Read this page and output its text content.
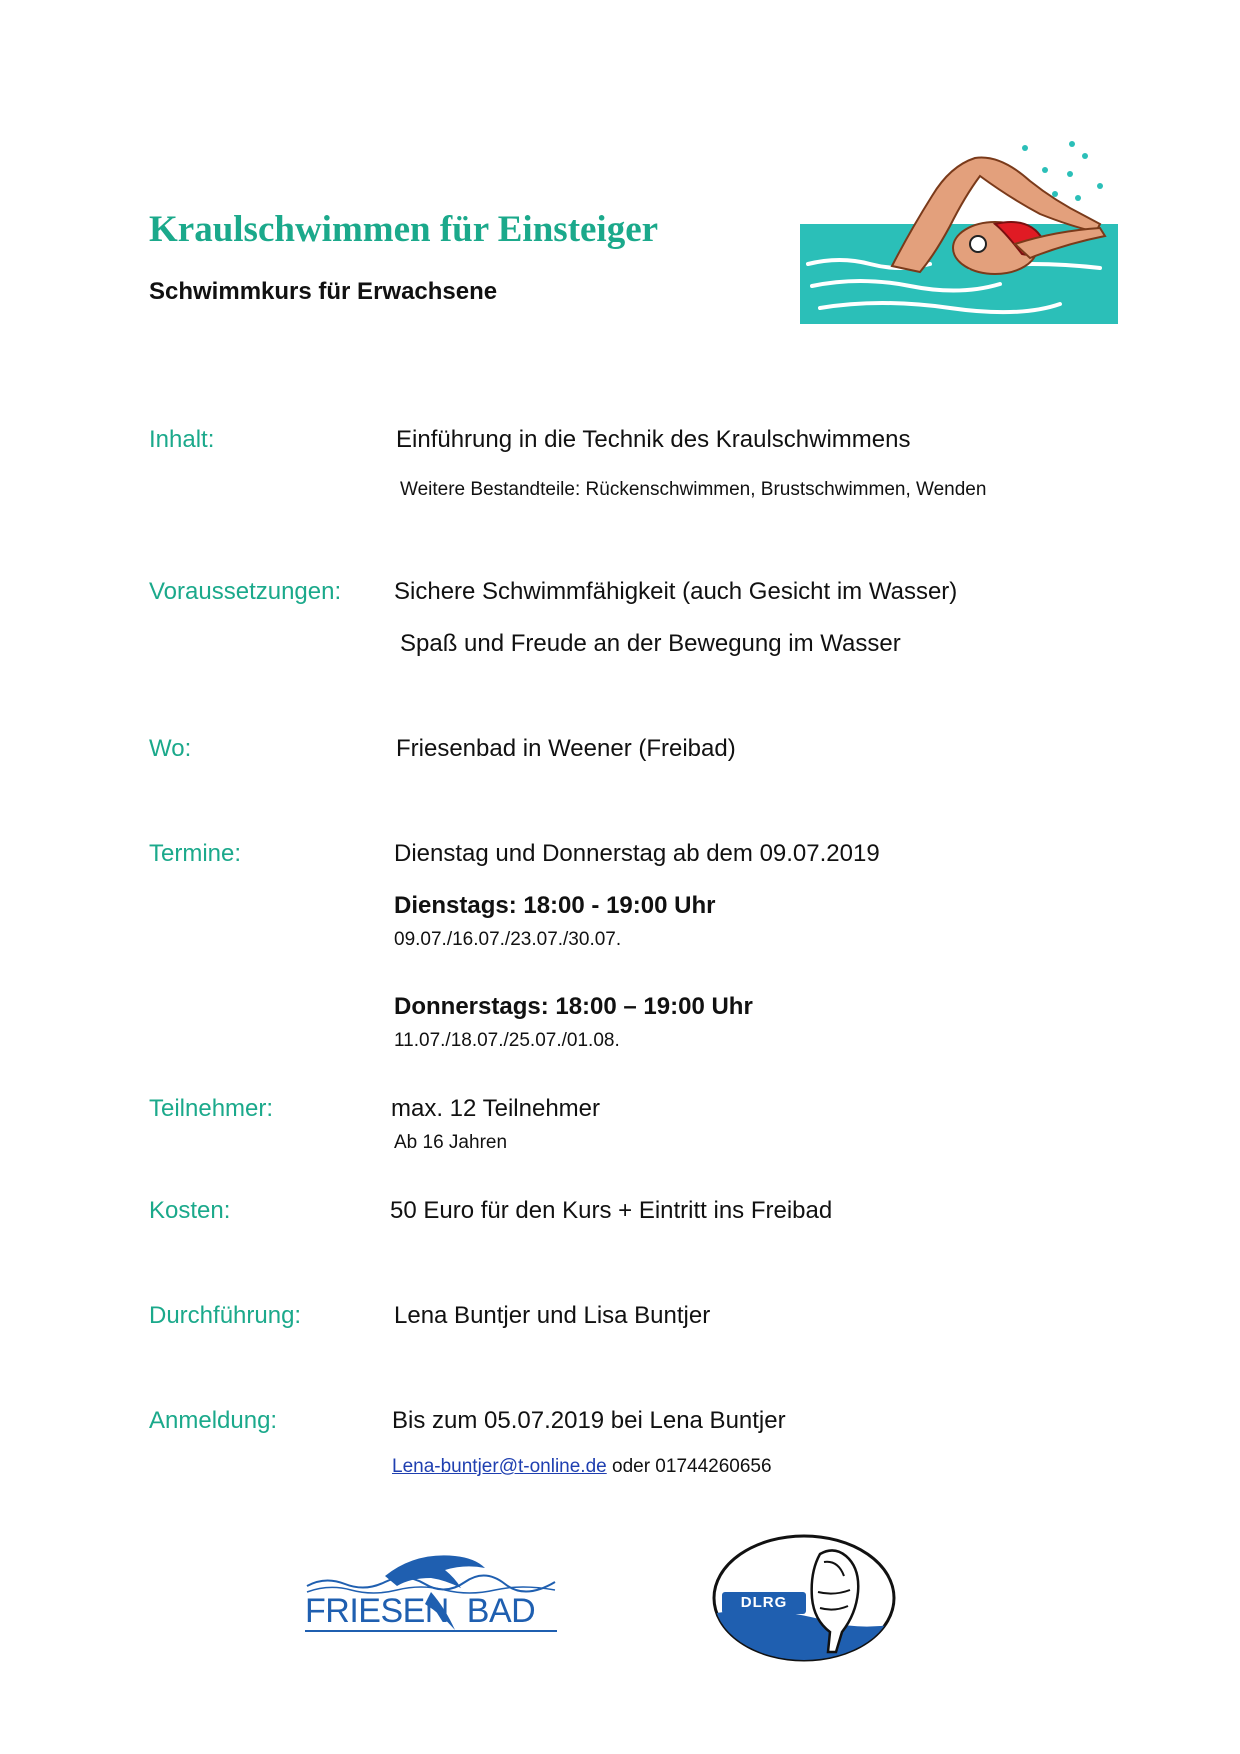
Kraulschwimmen für Einsteiger
Schwimmkurs für Erwachsene
Inhalt:	Einführung in die Technik des Kraulschwimmens
Weitere Bestandteile: Rückenschwimmen, Brustschwimmen, Wenden
Voraussetzungen: Sichere Schwimmfähigkeit (auch Gesicht im Wasser)
Spaß und Freude an der Bewegung im Wasser
Wo:	Friesenbad in Weener (Freibad)
Termine:	Dienstag und Donnerstag ab dem 09.07.2019
Dienstags: 18:00 - 19:00 Uhr
09.07./16.07./23.07./30.07.
Donnerstags: 18:00 – 19:00 Uhr
11.07./18.07./25.07./01.08.
Teilnehmer:	max. 12 Teilnehmer
Ab 16 Jahren
Kosten:	50 Euro für den Kurs + Eintritt ins Freibad
Durchführung:	Lena Buntjer und Lisa Buntjer
Anmeldung:	Bis zum 05.07.2019 bei Lena Buntjer
Lena-buntjer@t-online.de oder 01744260656
FRIESEN BAD	DLRG
